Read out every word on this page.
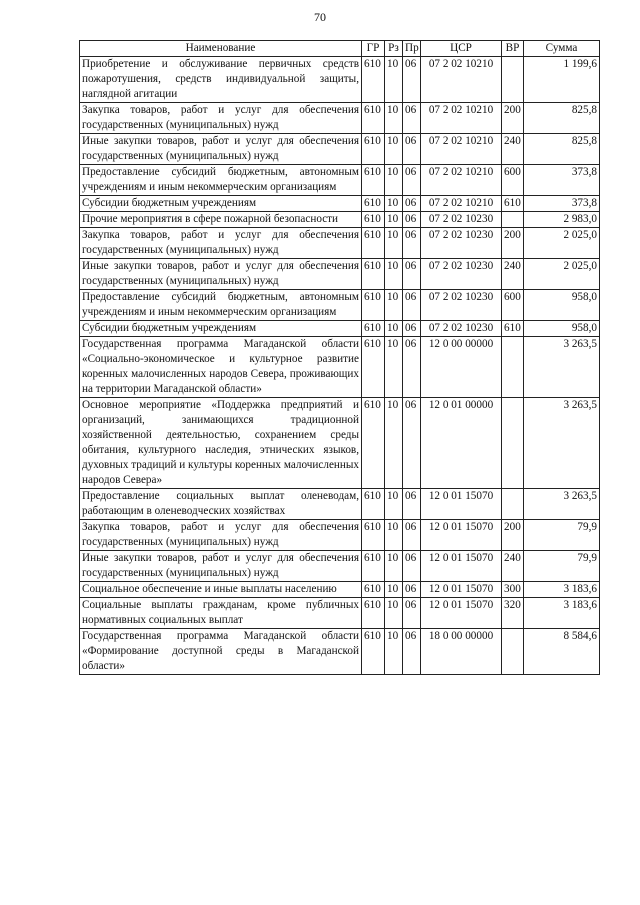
70
Наименование	ГР	Рз	Пр	ЦСР	ВР	Сумма
Приобретение и обслуживание первичных средств пожаротушения, средств индивидуальной защиты, наглядной агитации	610	10	06	07 2 02 10210		1 199,6
Закупка товаров, работ и услуг для обеспечения государственных (муниципальных) нужд	610	10	06	07 2 02 10210	200	825,8
Иные закупки товаров, работ и услуг для обеспечения государственных (муниципальных) нужд	610	10	06	07 2 02 10210	240	825,8
Предоставление субсидий бюджетным, автономным учреждениям и иным некоммерческим организациям	610	10	06	07 2 02 10210	600	373,8
Субсидии бюджетным учреждениям	610	10	06	07 2 02 10210	610	373,8
Прочие мероприятия в сфере пожарной безопасности	610	10	06	07 2 02 10230		2 983,0
Закупка товаров, работ и услуг для обеспечения государственных (муниципальных) нужд	610	10	06	07 2 02 10230	200	2 025,0
Иные закупки товаров, работ и услуг для обеспечения государственных (муниципальных) нужд	610	10	06	07 2 02 10230	240	2 025,0
Предоставление субсидий бюджетным, автономным учреждениям и иным некоммерческим организациям	610	10	06	07 2 02 10230	600	958,0
Субсидии бюджетным учреждениям	610	10	06	07 2 02 10230	610	958,0
Государственная программа Магаданской области «Социально-экономическое и культурное развитие коренных малочисленных народов Севера, проживающих на территории Магаданской области»	610	10	06	12 0 00 00000		3 263,5
Основное мероприятие «Поддержка предприятий и организаций, занимающихся традиционной хозяйственной деятельностью, сохранением среды обитания, культурного наследия, этнических языков, духовных традиций и культуры коренных малочисленных народов Севера»	610	10	06	12 0 01 00000		3 263,5
Предоставление социальных выплат оленеводам, работающим в оленеводческих хозяйствах	610	10	06	12 0 01 15070		3 263,5
Закупка товаров, работ и услуг для обеспечения государственных (муниципальных) нужд	610	10	06	12 0 01 15070	200	79,9
Иные закупки товаров, работ и услуг для обеспечения государственных (муниципальных) нужд	610	10	06	12 0 01 15070	240	79,9
Социальное обеспечение и иные выплаты населению	610	10	06	12 0 01 15070	300	3 183,6
Социальные выплаты гражданам, кроме публичных нормативных социальных выплат	610	10	06	12 0 01 15070	320	3 183,6
Государственная программа Магаданской области «Формирование доступной среды в Магаданской области»	610	10	06	18 0 00 00000		8 584,6
